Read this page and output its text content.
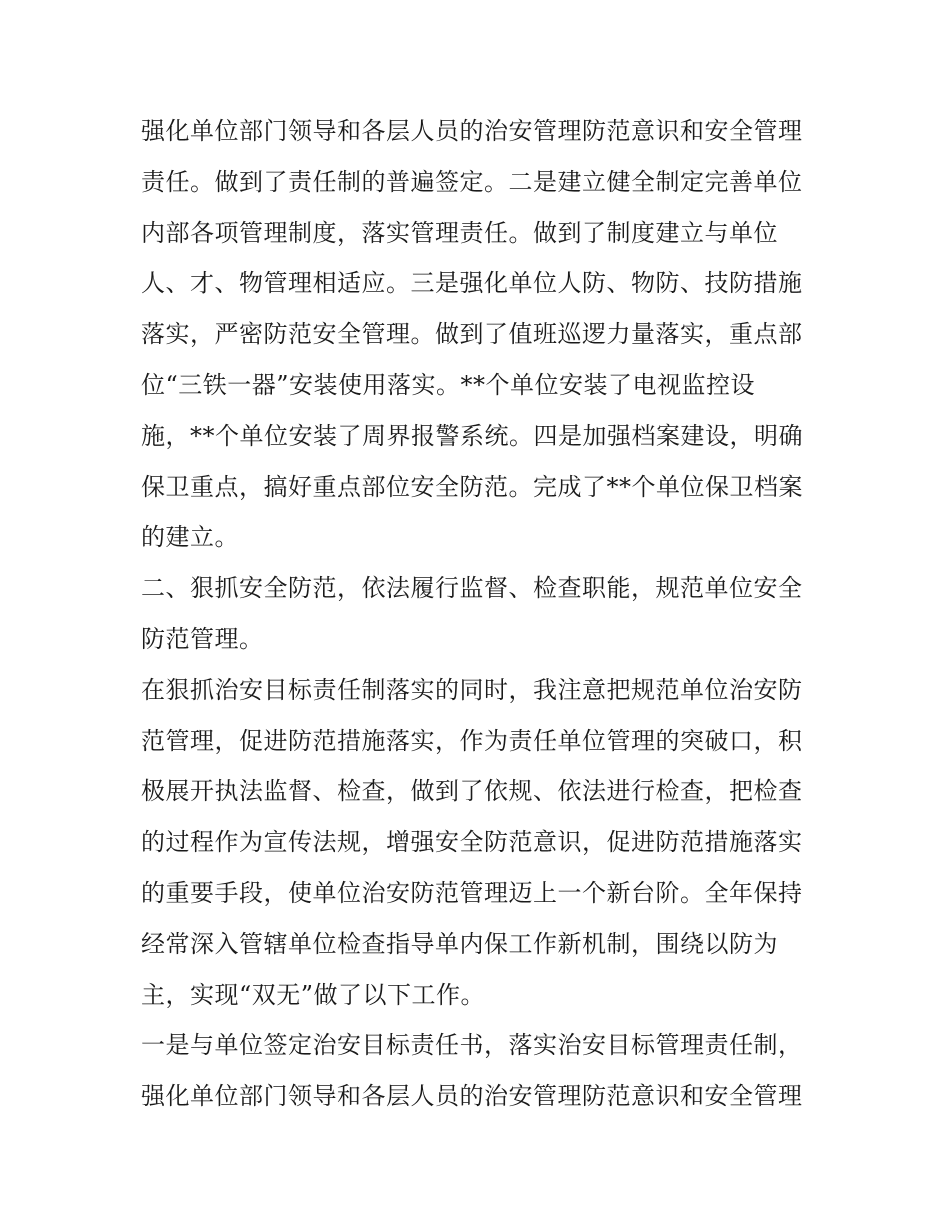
强化单位部门领导和各层人员的治安管理防范意识和安全管理
责任。做到了责任制的普遍签定。二是建立健全制定完善单位
内部各项管理制度，落实管理责任。做到了制度建立与单位
人、才、物管理相适应。三是强化单位人防、物防、技防措施
落实，严密防范安全管理。做到了值班巡逻力量落实，重点部
位“三铁一器”安装使用落实。**个单位安装了电视监控设
施，**个单位安装了周界报警系统。四是加强档案建设，明确
保卫重点，搞好重点部位安全防范。完成了**个单位保卫档案
的建立。
二、狠抓安全防范，依法履行监督、检查职能，规范单位安全
防范管理。
在狠抓治安目标责任制落实的同时，我注意把规范单位治安防
范管理，促进防范措施落实，作为责任单位管理的突破口，积
极展开执法监督、检查，做到了依规、依法进行检查，把检查
的过程作为宣传法规，增强安全防范意识，促进防范措施落实
的重要手段，使单位治安防范管理迈上一个新台阶。全年保持
经常深入管辖单位检查指导单内保工作新机制，围绕以防为
主，实现“双无”做了以下工作。
一是与单位签定治安目标责任书，落实治安目标管理责任制，
强化单位部门领导和各层人员的治安管理防范意识和安全管理
